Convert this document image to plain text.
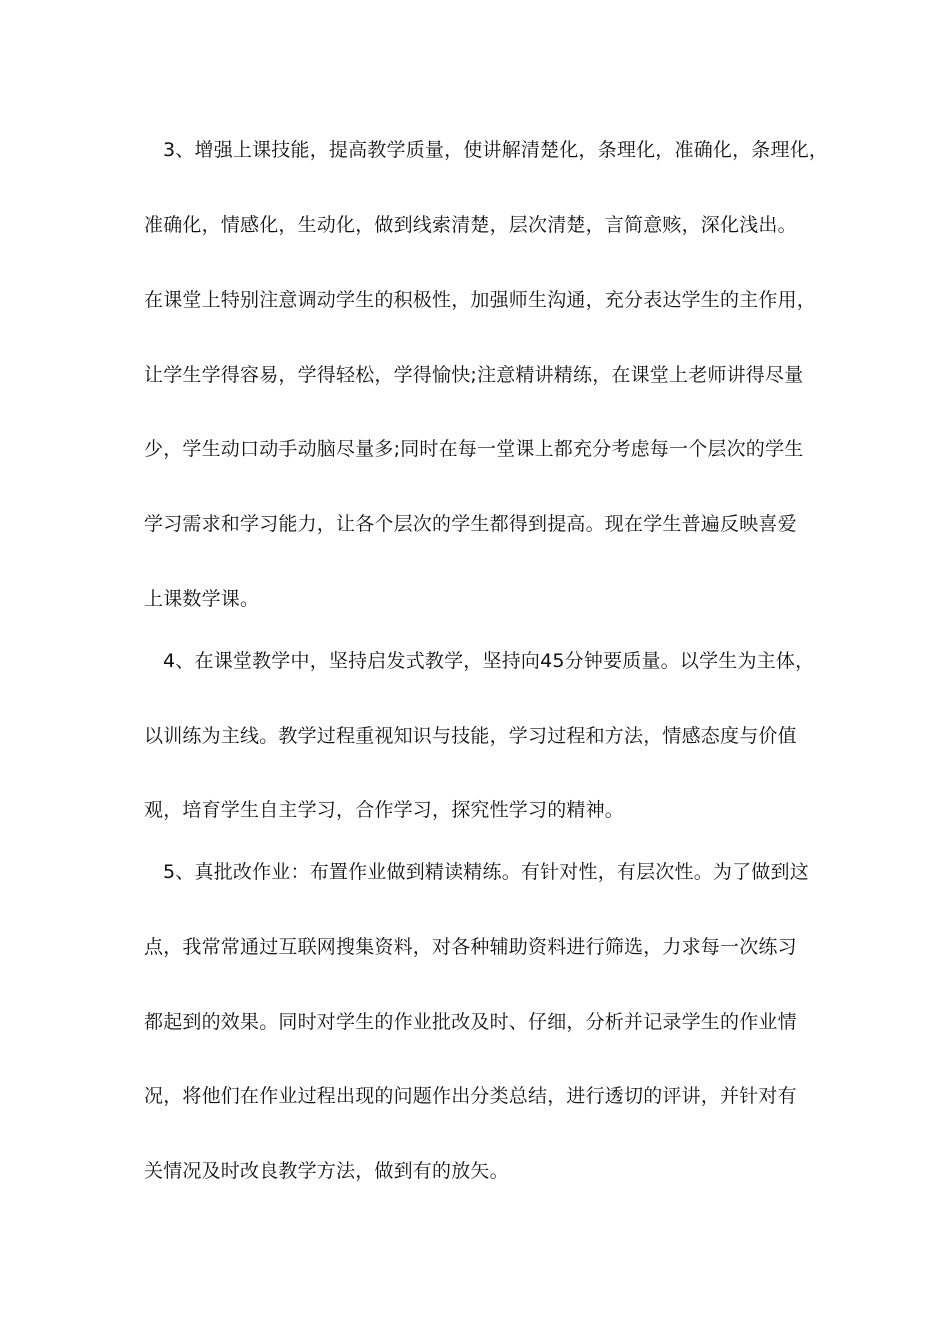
3、增强上课技能，提高教学质量，使讲解清楚化，条理化，准确化，条理化，
准确化，情感化，生动化，做到线索清楚，层次清楚，言简意赅，深化浅出。
在课堂上特别注意调动学生的积极性，加强师生沟通，充分表达学生的主作用，
让学生学得容易，学得轻松，学得愉快;注意精讲精练，在课堂上老师讲得尽量
少，学生动口动手动脑尽量多;同时在每一堂课上都充分考虑每一个层次的学生
学习需求和学习能力，让各个层次的学生都得到提高。现在学生普遍反映喜爱
上课数学课。
4、在课堂教学中，坚持启发式教学，坚持向45分钟要质量。以学生为主体，
以训练为主线。教学过程重视知识与技能，学习过程和方法，情感态度与价值
观，培育学生自主学习，合作学习，探究性学习的精神。
5、真批改作业：布置作业做到精读精练。有针对性，有层次性。为了做到这
点，我常常通过互联网搜集资料，对各种辅助资料进行筛选，力求每一次练习
都起到的效果。同时对学生的作业批改及时、仔细，分析并记录学生的作业情
况，将他们在作业过程出现的问题作出分类总结，进行透切的评讲，并针对有
关情况及时改良教学方法，做到有的放矢。
